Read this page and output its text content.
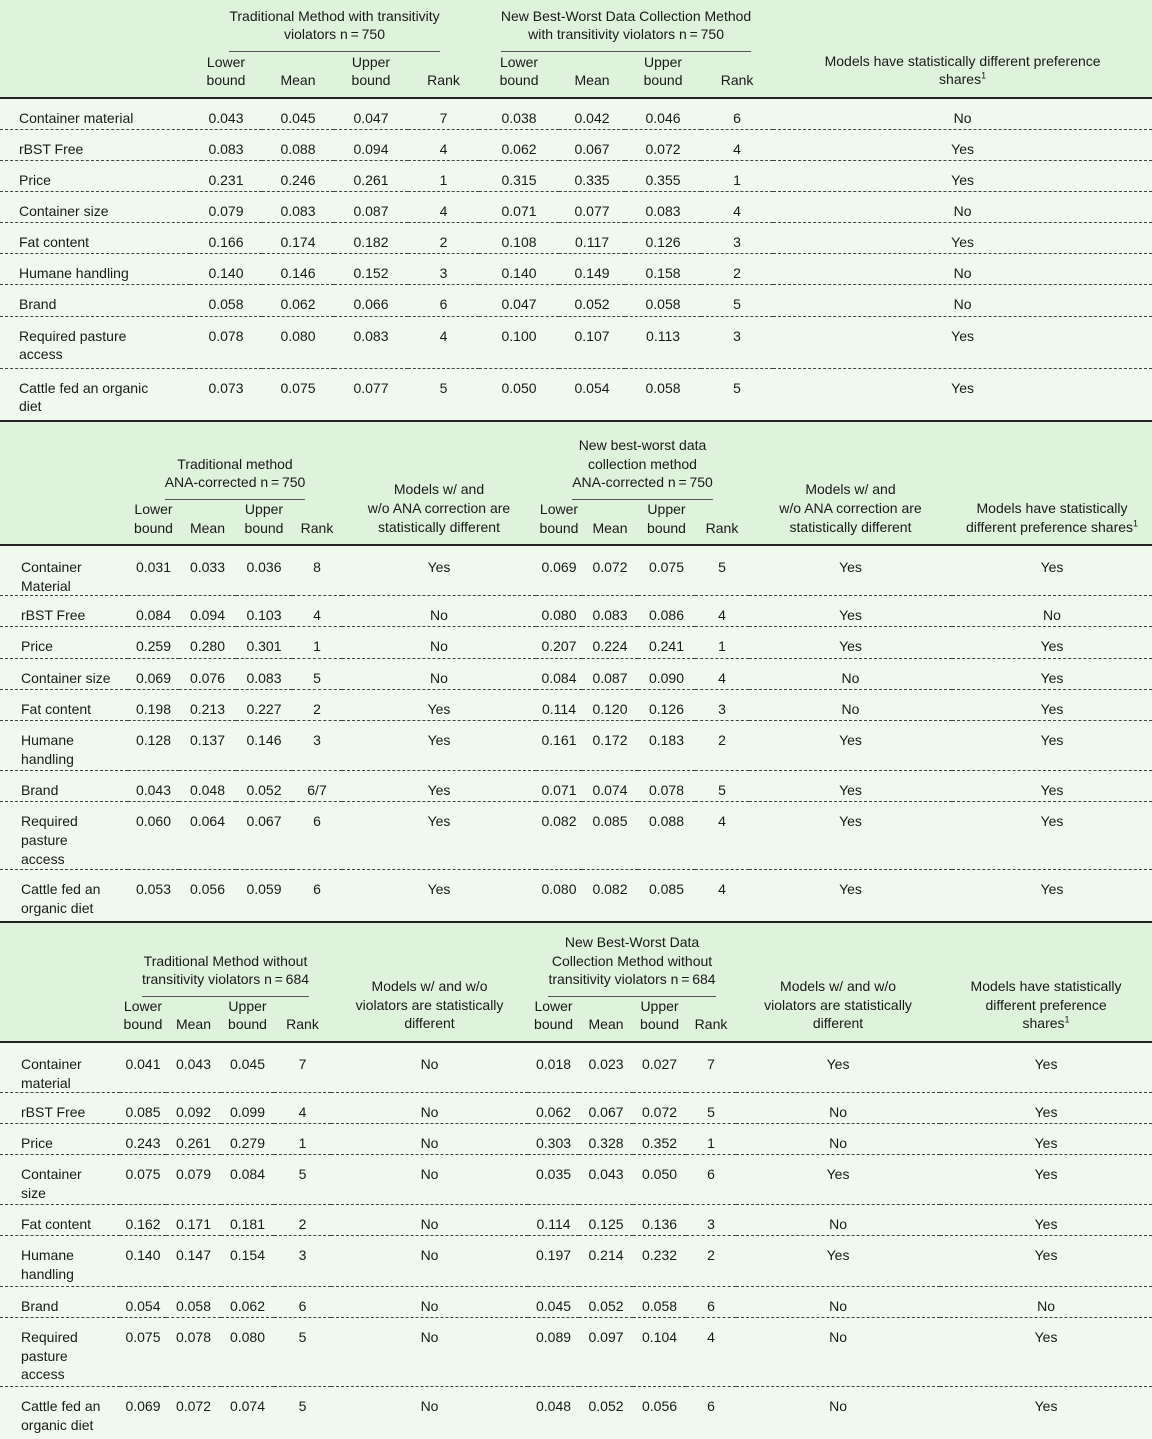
	Traditional Method with transitivity
violators n = 750				New Best-Worst Data Collection Method
with transitivity violators n = 750				Models have statistically different preference
shares$^1$
	Lower
bound	Mean	Upper
bound	Rank	Lower
bound	Mean	Upper
bound	Rank	
Container material	0.043	0.045	0.047	7	0.038	0.042	0.046	6	No
rBST Free	0.083	0.088	0.094	4	0.062	0.067	0.072	4	Yes
Price	0.231	0.246	0.261	1	0.315	0.335	0.355	1	Yes
Container size	0.079	0.083	0.087	4	0.071	0.077	0.083	4	No
Fat content	0.166	0.174	0.182	2	0.108	0.117	0.126	3	Yes
Humane handling	0.140	0.146	0.152	3	0.140	0.149	0.158	2	No
Brand	0.058	0.062	0.066	6	0.047	0.052	0.058	5	No
Required pasture
access	0.078	0.080	0.083	4	0.100	0.107	0.113	3	Yes
Cattle fed an organic
diet	0.073	0.075	0.077	5	0.050	0.054	0.058	5	Yes
	Traditional method
ANA-corrected n = 750				Models w/ and
w/o ANA correction are
statistically different	New best-worst data
collection method
ANA-corrected n = 750				Models w/ and
w/o ANA correction are
statistically different	Models have statistically
different preference shares$^1$
	Lower
bound	Mean	Upper
bound	Rank		Lower
bound	Mean	Upper
bound	Rank		
Container
Material	0.031	0.033	0.036	8	Yes	0.069	0.072	0.075	5	Yes	Yes
rBST Free	0.084	0.094	0.103	4	No	0.080	0.083	0.086	4	Yes	No
Price	0.259	0.280	0.301	1	No	0.207	0.224	0.241	1	Yes	Yes
Container size	0.069	0.076	0.083	5	No	0.084	0.087	0.090	4	No	Yes
Fat content	0.198	0.213	0.227	2	Yes	0.114	0.120	0.126	3	No	Yes
Humane
handling	0.128	0.137	0.146	3	Yes	0.161	0.172	0.183	2	Yes	Yes
Brand	0.043	0.048	0.052	6/7	Yes	0.071	0.074	0.078	5	Yes	Yes
Required
pasture
access	0.060	0.064	0.067	6	Yes	0.082	0.085	0.088	4	Yes	Yes
Cattle fed an
organic diet	0.053	0.056	0.059	6	Yes	0.080	0.082	0.085	4	Yes	Yes
	Traditional Method without
transitivity violators n = 684				Models w/ and w/o
violators are statistically
different	New Best-Worst Data
Collection Method without
transitivity violators n = 684				Models w/ and w/o
violators are statistically
different	Models have statistically
different preference
shares$^1$
	Lower
bound	Mean	Upper
bound	Rank		Lower
bound	Mean	Upper
bound	Rank		
Container
material	0.041	0.043	0.045	7	No	0.018	0.023	0.027	7	Yes	Yes
rBST Free	0.085	0.092	0.099	4	No	0.062	0.067	0.072	5	No	Yes
Price	0.243	0.261	0.279	1	No	0.303	0.328	0.352	1	No	Yes
Container
size	0.075	0.079	0.084	5	No	0.035	0.043	0.050	6	Yes	Yes
Fat content	0.162	0.171	0.181	2	No	0.114	0.125	0.136	3	No	Yes
Humane
handling	0.140	0.147	0.154	3	No	0.197	0.214	0.232	2	Yes	Yes
Brand	0.054	0.058	0.062	6	No	0.045	0.052	0.058	6	No	No
Required
pasture
access	0.075	0.078	0.080	5	No	0.089	0.097	0.104	4	No	Yes
Cattle fed an
organic diet	0.069	0.072	0.074	5	No	0.048	0.052	0.056	6	No	Yes
